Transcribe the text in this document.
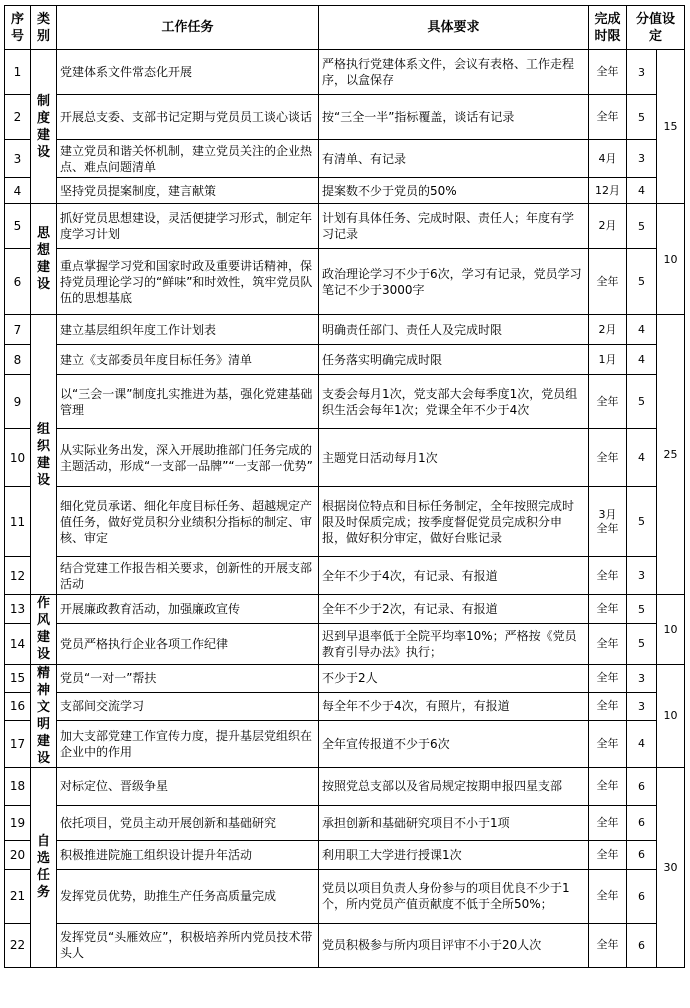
序号	类别	工作任务	具体要求	完成时限	分值设定	

1	制度建设	党建体系文件常态化开展	严格执行党建体系文件，会议有表格、工作走程序，以盒保存	全年	3	15
2		开展总支委、支部书记定期与党员员工谈心谈话	按“三全一半”指标覆盖，谈话有记录	全年	5	
3		建立党员和谐关怀机制，建立党员关注的企业热点、难点问题清单	有清单、有记录	4月	3	
4		坚持党员提案制度，建言献策	提案数不少于党员的50%	12月	4	
5	思想建设	抓好党员思想建设，灵活便捷学习形式，制定年度学习计划	计划有具体任务、完成时限、责任人；年度有学习记录	2月	5	10
6		重点掌握学习党和国家时政及重要讲话精神，保持党员理论学习的“鲜味”和时效性，筑牢党员队伍的思想基底	政治理论学习不少于6次，学习有记录，党员学习笔记不少于3000字	全年	5	
7	组织建设	建立基层组织年度工作计划表	明确责任部门、责任人及完成时限	2月	4	25
8		建立《支部委员年度目标任务》清单	任务落实明确完成时限	1月	4	
9		以“三会一课”制度扎实推进为基，强化党建基础管理	支委会每月1次，党支部大会每季度1次，党员组织生活会每年1次；党课全年不少于4次	全年	5	
10		从实际业务出发，深入开展助推部门任务完成的主题活动，形成“一支部一品牌”“一支部一优势”	主题党日活动每月1次	全年	4	
11		细化党员承诺、细化年度目标任务、超越规定产值任务，做好党员积分业绩积分指标的制定、审核、审定	根据岗位特点和目标任务制定，全年按照完成时限及时保质完成；按季度督促党员完成积分申报，做好积分审定，做好台账记录	3月全年	5	
12		结合党建工作报告相关要求，创新性的开展支部活动	全年不少于4次，有记录、有报道	全年	3	
13	作风建设	开展廉政教育活动，加强廉政宣传	全年不少于2次，有记录、有报道	全年	5	10
14		党员严格执行企业各项工作纪律	迟到早退率低于全院平均率10%；严格按《党员教育引导办法》执行；	全年	5	
15	精神文明建设	党员“一对一”帮扶	不少于2人	全年	3	10
16		支部间交流学习	每全年不少于4次，有照片，有报道	全年	3	
17		加大支部党建工作宣传力度，提升基层党组织在企业中的作用	全年宣传报道不少于6次	全年	4	
18	自选任务	对标定位、晋级争星	按照党总支部以及省局规定按期申报四星支部	全年	6	30
19		依托项目，党员主动开展创新和基础研究	承担创新和基础研究项目不小于1项	全年	6	
20		积极推进院施工组织设计提升年活动	利用职工大学进行授课1次	全年	6	
21		发挥党员优势，助推生产任务高质量完成	党员以项目负责人身份参与的项目优良不少于1个，所内党员产值贡献度不低于全所50%；	全年	6	
22		发挥党员“头雁效应”，积极培养所内党员技术带头人	党员积极参与所内项目评审不小于20人次	全年	6	
